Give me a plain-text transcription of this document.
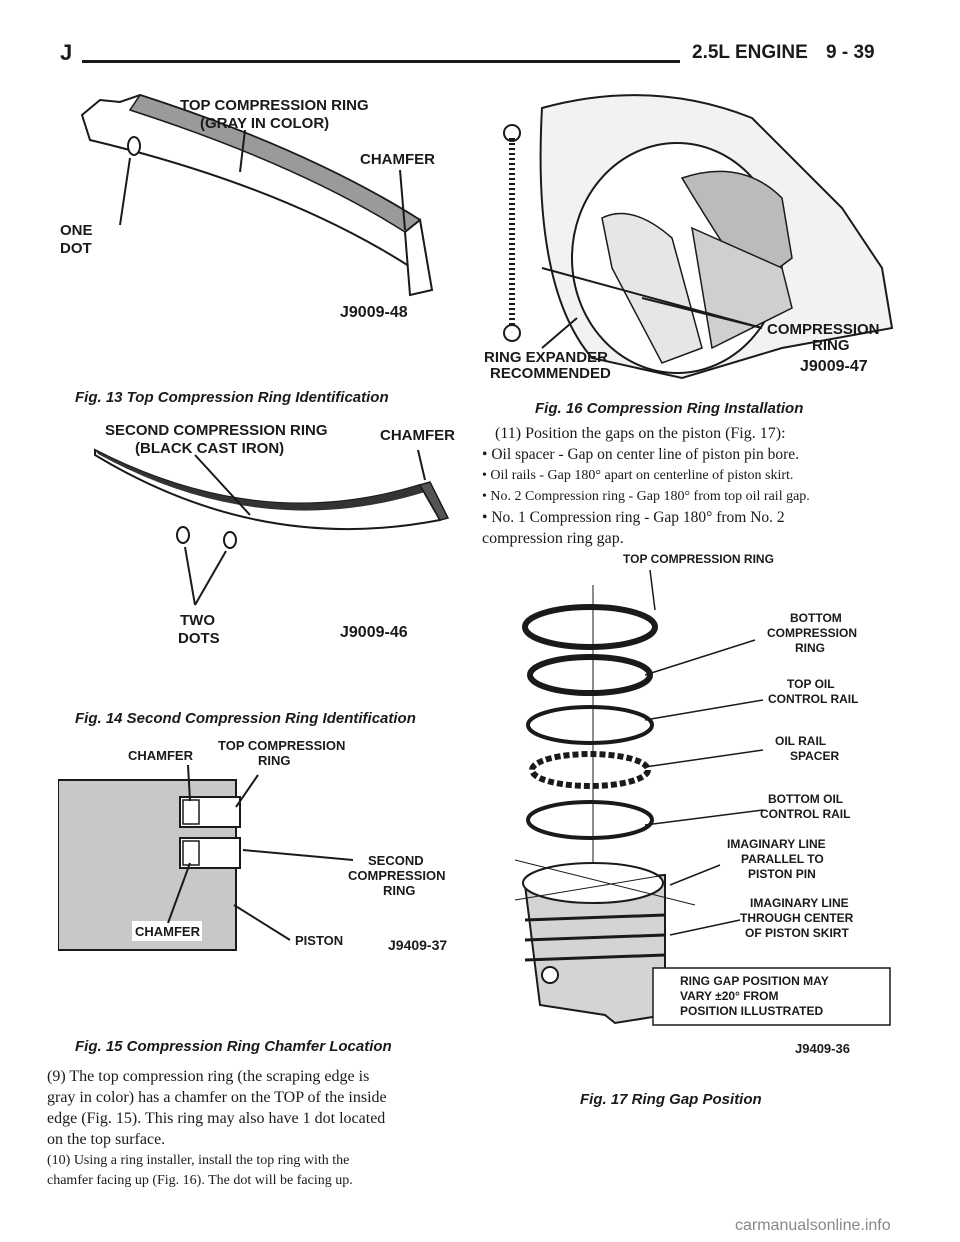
J	2.5L ENGINE 9 - 39
TOP COMPRESSION RING
(GRAY IN COLOR)
CHAMFER
ONE
DOT
J9009-48
Fig. 13 Top Compression Ring Identification
SECOND COMPRESSION RING
(BLACK CAST IRON)
CHAMFER
TWO
DOTS	J9009-46
Fig. 14 Second Compression Ring Identification
CHAMFER
TOP COMPRESSION
RING
SECOND
COMPRESSION
RING
CHAMFER
PISTON	J9409-37
Fig. 15 Compression Ring Chamfer Location
(9) The top compression ring (the scraping edge is
gray in color) has a chamfer on the TOP of the inside
edge (Fig. 15). This ring may also have 1 dot located
on the top surface.
(10) Using a ring installer, install the top ring with the
chamfer facing up (Fig. 16). The dot will be facing up.
COMPRESSION
RING
RING EXPANDER
RECOMMENDED	J9009-47
Fig. 16 Compression Ring Installation
(11) Position the gaps on the piston (Fig. 17):
• Oil spacer - Gap on center line of piston pin bore.
• Oil rails - Gap 180° apart on centerline of piston skirt.
• No. 2 Compression ring - Gap 180° from top oil rail gap.
• No. 1 Compression ring - Gap 180° from No. 2
compression ring gap.
TOP COMPRESSION RING
BOTTOM
COMPRESSION
RING
TOP OIL
CONTROL RAIL
OIL RAIL
SPACER
BOTTOM OIL
CONTROL RAIL
IMAGINARY LINE
PARALLEL TO
PISTON PIN
IMAGINARY LINE
THROUGH CENTER
OF PISTON SKIRT
RING GAP POSITION MAY
VARY ±20° FROM
POSITION ILLUSTRATED
J9409-36
Fig. 17 Ring Gap Position
carmanualsonline.info
